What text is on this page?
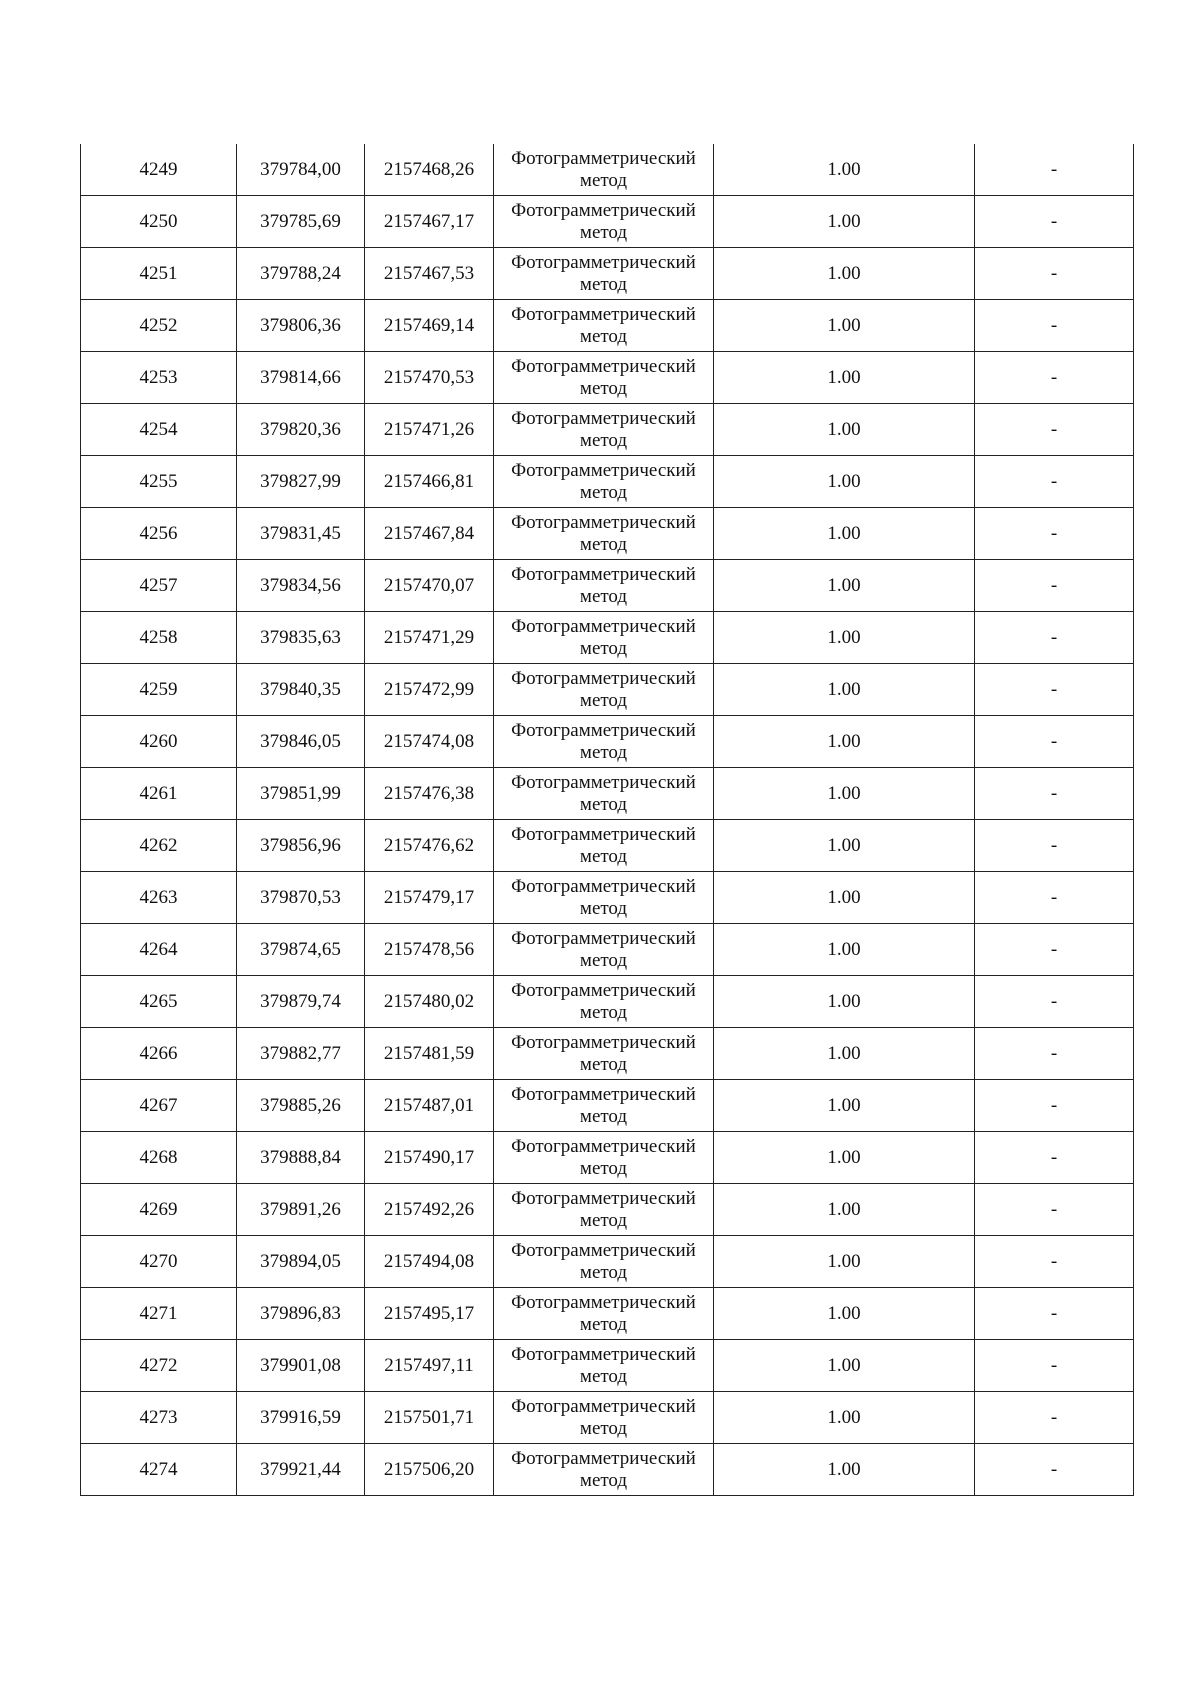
4249	379784,00	2157468,26	Фотограмметрический
метод	1.00	-
4250	379785,69	2157467,17	Фотограмметрический
метод	1.00	-
4251	379788,24	2157467,53	Фотограмметрический
метод	1.00	-
4252	379806,36	2157469,14	Фотограмметрический
метод	1.00	-
4253	379814,66	2157470,53	Фотограмметрический
метод	1.00	-
4254	379820,36	2157471,26	Фотограмметрический
метод	1.00	-
4255	379827,99	2157466,81	Фотограмметрический
метод	1.00	-
4256	379831,45	2157467,84	Фотограмметрический
метод	1.00	-
4257	379834,56	2157470,07	Фотограмметрический
метод	1.00	-
4258	379835,63	2157471,29	Фотограмметрический
метод	1.00	-
4259	379840,35	2157472,99	Фотограмметрический
метод	1.00	-
4260	379846,05	2157474,08	Фотограмметрический
метод	1.00	-
4261	379851,99	2157476,38	Фотограмметрический
метод	1.00	-
4262	379856,96	2157476,62	Фотограмметрический
метод	1.00	-
4263	379870,53	2157479,17	Фотограмметрический
метод	1.00	-
4264	379874,65	2157478,56	Фотограмметрический
метод	1.00	-
4265	379879,74	2157480,02	Фотограмметрический
метод	1.00	-
4266	379882,77	2157481,59	Фотограмметрический
метод	1.00	-
4267	379885,26	2157487,01	Фотограмметрический
метод	1.00	-
4268	379888,84	2157490,17	Фотограмметрический
метод	1.00	-
4269	379891,26	2157492,26	Фотограмметрический
метод	1.00	-
4270	379894,05	2157494,08	Фотограмметрический
метод	1.00	-
4271	379896,83	2157495,17	Фотограмметрический
метод	1.00	-
4272	379901,08	2157497,11	Фотограмметрический
метод	1.00	-
4273	379916,59	2157501,71	Фотограмметрический
метод	1.00	-
4274	379921,44	2157506,20	Фотограмметрический
метод	1.00	-
